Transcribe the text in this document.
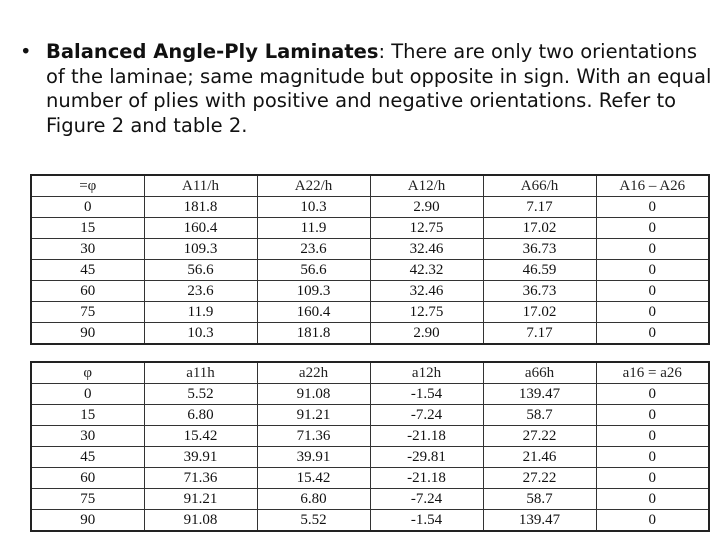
• Balanced Angle-Ply Laminates: There are only two orientations of the laminae; same magnitude but opposite in sign. With an equal number of plies with positive and negative orientations. Refer to Figure 2 and table 2.
=φ	A11/h	A22/h	A12/h	A66/h	A16 – A26
0	181.8	10.3	2.90	7.17	0
15	160.4	11.9	12.75	17.02	0
30	109.3	23.6	32.46	36.73	0
45	56.6	56.6	42.32	46.59	0
60	23.6	109.3	32.46	36.73	0
75	11.9	160.4	12.75	17.02	0
90	10.3	181.8	2.90	7.17	0
φ	a11h	a22h	a12h	a66h	a16 = a26
0	5.52	91.08	-1.54	139.47	0
15	6.80	91.21	-7.24	58.7	0
30	15.42	71.36	-21.18	27.22	0
45	39.91	39.91	-29.81	21.46	0
60	71.36	15.42	-21.18	27.22	0
75	91.21	6.80	-7.24	58.7	0
90	91.08	5.52	-1.54	139.47	0
